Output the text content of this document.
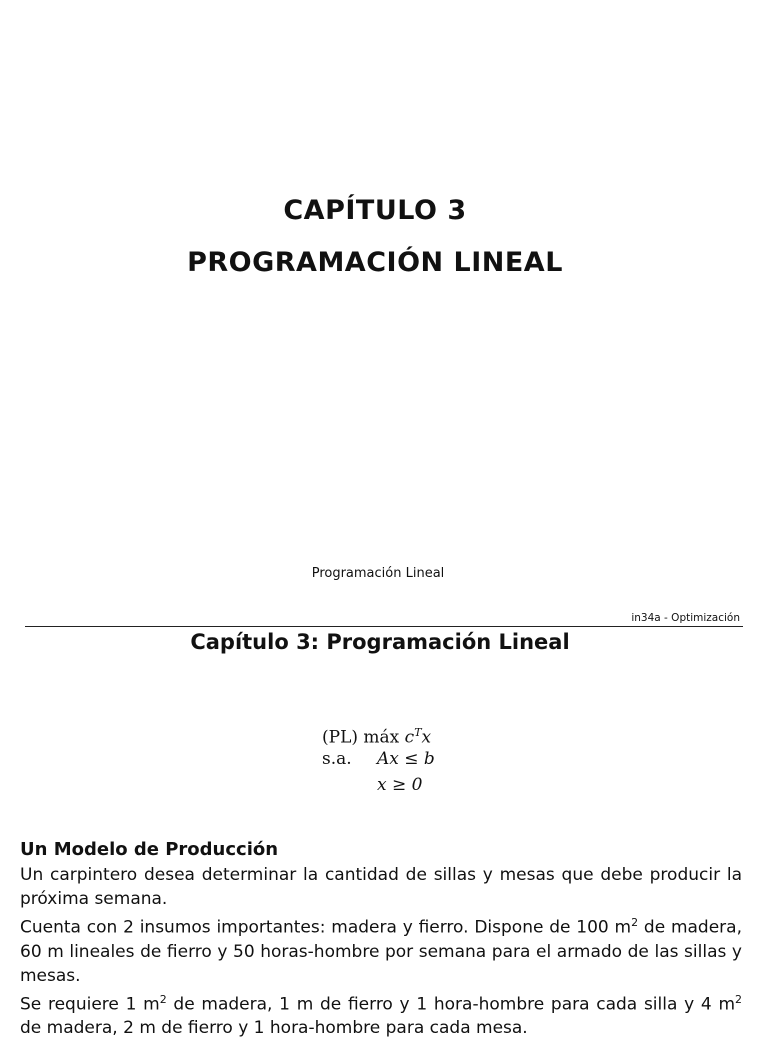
CAPÍTULO 3
PROGRAMACIÓN LINEAL
Programación Lineal
in34a - Optimización
Capítulo 3: Programación Lineal
(PL) máx $c^Tx$
s.a. Ax ≤ b
x ≥ 0
Un Modelo de Producción

Un carpintero desea determinar la cantidad de sillas y mesas que debe producir la próxima semana.

Cuenta con 2 insumos importantes: madera y fierro. Dispone de 100 $m^2$ de madera, 60 m lineales de fierro y 50 horas-hombre por semana para el armado de las sillas y mesas.

Se requiere 1 $m^2$ de madera, 1 m de fierro y 1 hora-hombre para cada silla y 4 $m^2$ de madera, 2 m de fierro y 1 hora-hombre para cada mesa.
